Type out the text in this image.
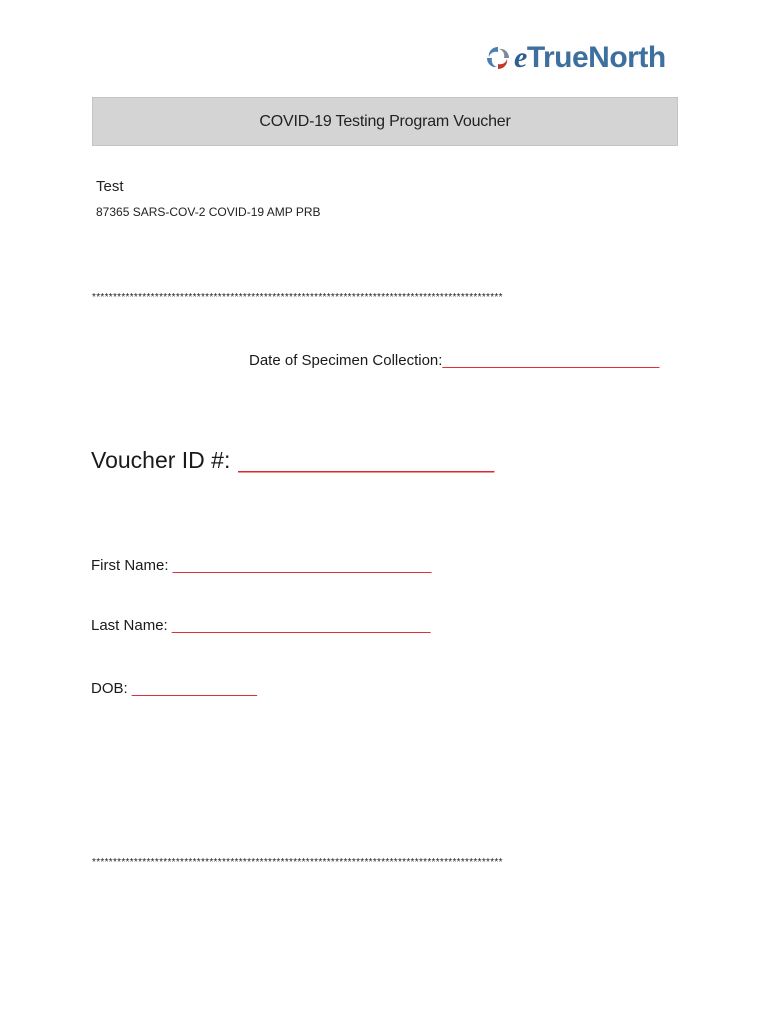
eTrueNorth
COVID-19 Testing Program Voucher
Test
87365 SARS-COV-2 COVID-19 AMP PRB
**************************************************************************************************
Date of Specimen Collection:__________________________
Voucher ID #: ____________________
First Name: _______________________________
Last Name: _______________________________
DOB: _______________
**************************************************************************************************
